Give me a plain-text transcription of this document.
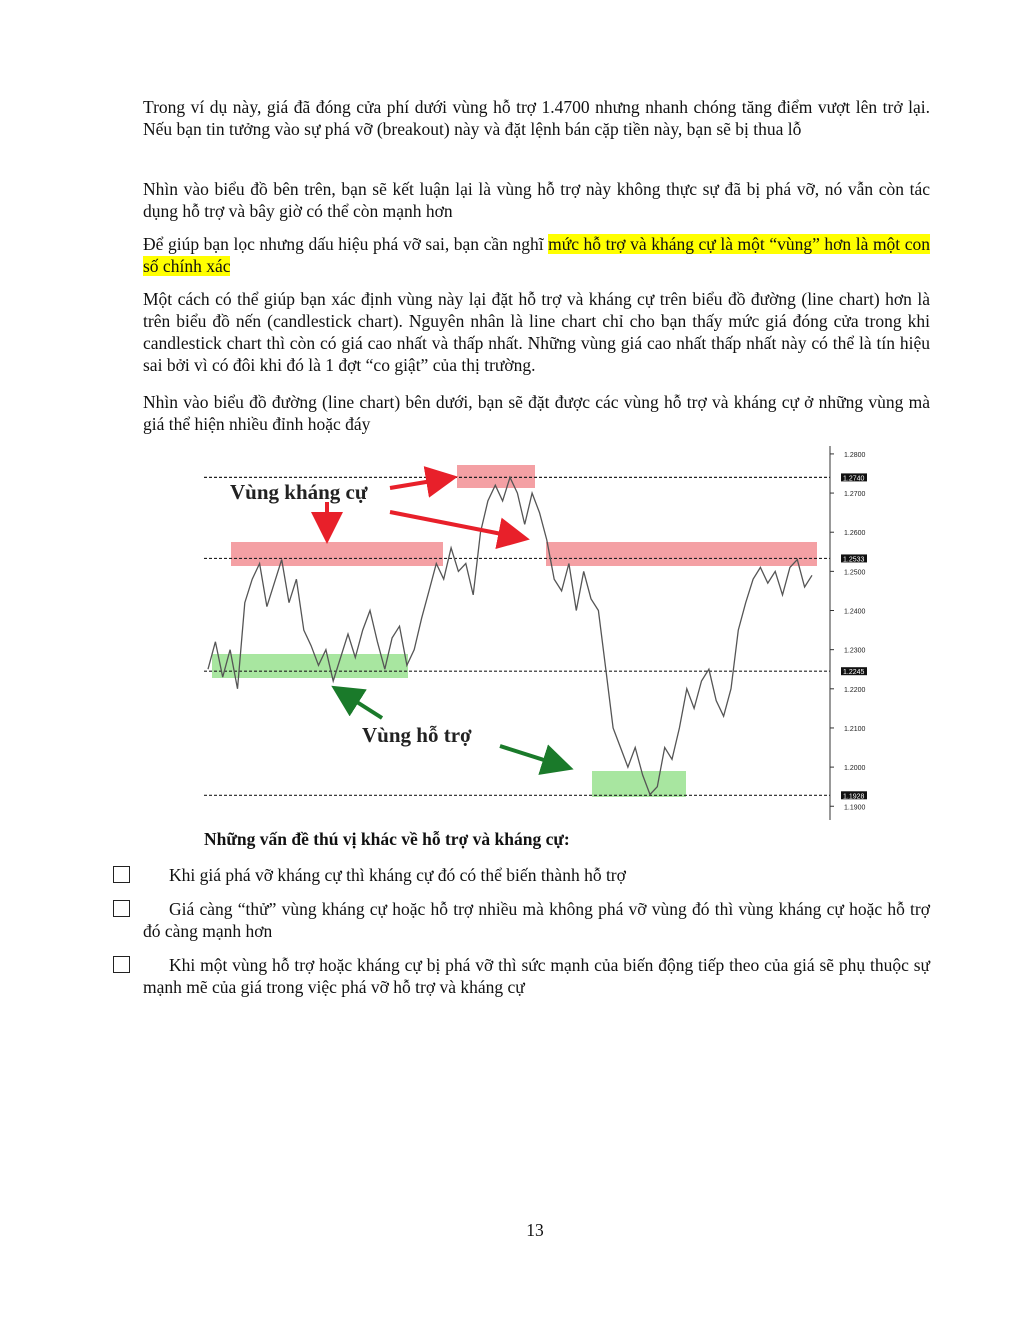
Trong ví dụ này, giá đã đóng cửa phí dưới vùng hỗ trợ 1.4700 nhưng nhanh chóng tăng điểm vượt lên trở lại. Nếu bạn tin tưởng vào sự phá vỡ (breakout) này và đặt lệnh bán cặp tiền này, bạn sẽ bị thua lỗ

Nhìn vào biểu đồ bên trên, bạn sẽ kết luận lại là vùng hỗ trợ này không thực sự đã bị phá vỡ, nó vẫn còn tác dụng hỗ trợ và bây giờ có thể còn mạnh hơn

Để giúp bạn lọc nhưng dấu hiệu phá vỡ sai, bạn cần nghĩ mức hỗ trợ và kháng cự là một “vùng” hơn là một con số chính xác

Một cách có thể giúp bạn xác định vùng này lại đặt hỗ trợ và kháng cự trên biểu đồ đường (line chart) hơn là trên biểu đồ nến (candlestick chart). Nguyên nhân là line chart chỉ cho bạn thấy mức giá đóng cửa trong khi candlestick chart thì còn có giá cao nhất và thấp nhất. Những vùng giá cao nhất thấp nhất này có thể là tín hiệu sai bởi vì có đôi khi đó là 1 đợt “co giật” của thị trường.

Nhìn vào biểu đồ đường (line chart) bên dưới, bạn sẽ đặt được các vùng hỗ trợ và kháng cự ở những vùng mà giá thể hiện nhiều đỉnh hoặc đáy

1.2800
1.2700
1.2600
1.2500
1.2400
1.2300
1.2200
1.2100
1.2000
1.1900
1.2740
1.2533
1.2245
1.1928
Vùng kháng cự
Vùng hỗ trợ

Những vấn đề thú vị khác về hỗ trợ và kháng cự:

Khi giá phá vỡ kháng cự thì kháng cự đó có thể biến thành hỗ trợ

Giá càng “thử” vùng kháng cự hoặc hỗ trợ nhiều mà không phá vỡ vùng đó thì vùng kháng cự hoặc hỗ trợ đó càng mạnh hơn

Khi một vùng hỗ trợ hoặc kháng cự bị phá vỡ thì sức mạnh của biến động tiếp theo của giá sẽ phụ thuộc sự mạnh mẽ của giá trong việc phá vỡ hỗ trợ và kháng cự

13
